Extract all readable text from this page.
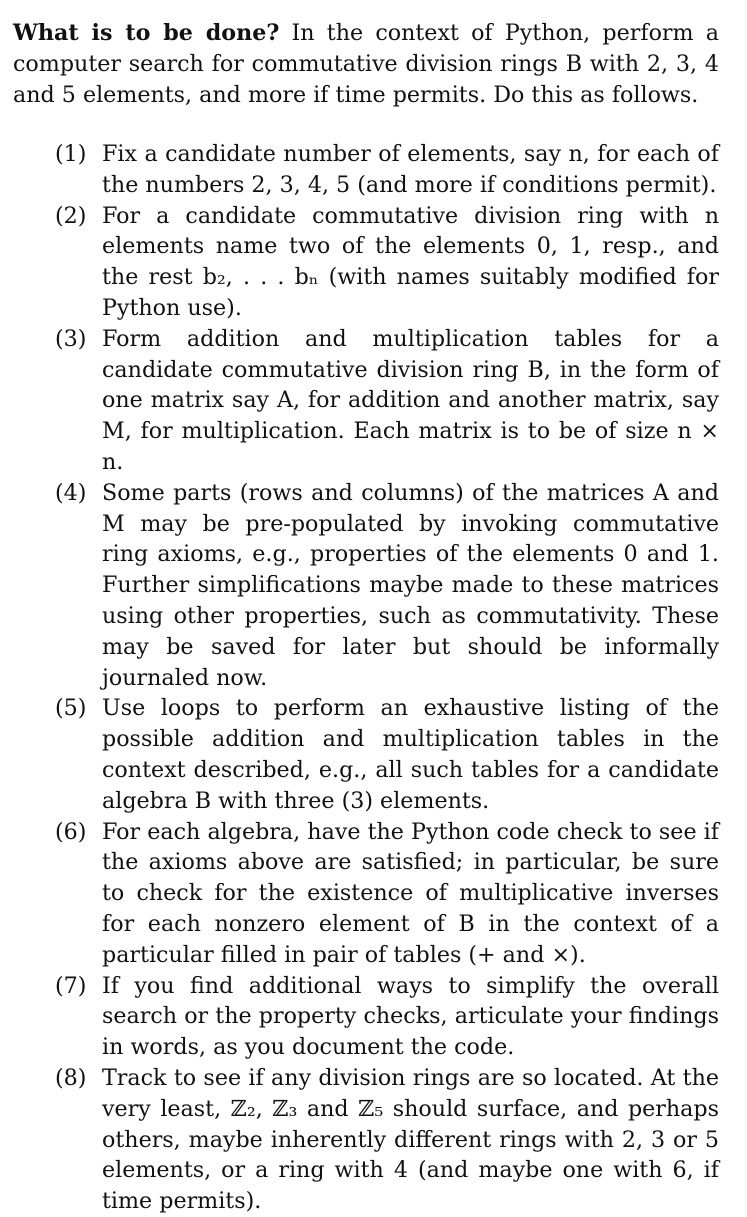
What is to be done? In the context of Python, perform a computer search for commutative division rings B with 2, 3, 4 and 5 elements, and more if time permits. Do this as follows.

(1) Fix a candidate number of elements, say n, for each of the numbers 2, 3, 4, 5 (and more if conditions permit).
(2) For a candidate commutative division ring with n elements name two of the elements 0, 1, resp., and the rest b₂, . . . bₙ (with names suitably modified for Python use).
(3) Form addition and multiplication tables for a candidate commutative division ring B, in the form of one matrix say A, for addition and another matrix, say M, for multiplication. Each matrix is to be of size n × n.
(4) Some parts (rows and columns) of the matrices A and M may be pre-populated by invoking commutative ring axioms, e.g., properties of the elements 0 and 1. Further simplifications maybe made to these matrices using other properties, such as commutativity. These may be saved for later but should be informally journaled now.
(5) Use loops to perform an exhaustive listing of the possible addition and multiplication tables in the context described, e.g., all such tables for a candidate algebra B with three (3) elements.
(6) For each algebra, have the Python code check to see if the axioms above are satisfied; in particular, be sure to check for the existence of multiplicative inverses for each nonzero element of B in the context of a particular filled in pair of tables (+ and ×).
(7) If you find additional ways to simplify the overall search or the property checks, articulate your findings in words, as you document the code.
(8) Track to see if any division rings are so located. At the very least, ℤ₂, ℤ₃ and ℤ₅ should surface, and perhaps others, maybe inherently different rings with 2, 3 or 5 elements, or a ring with 4 (and maybe one with 6, if time permits).
